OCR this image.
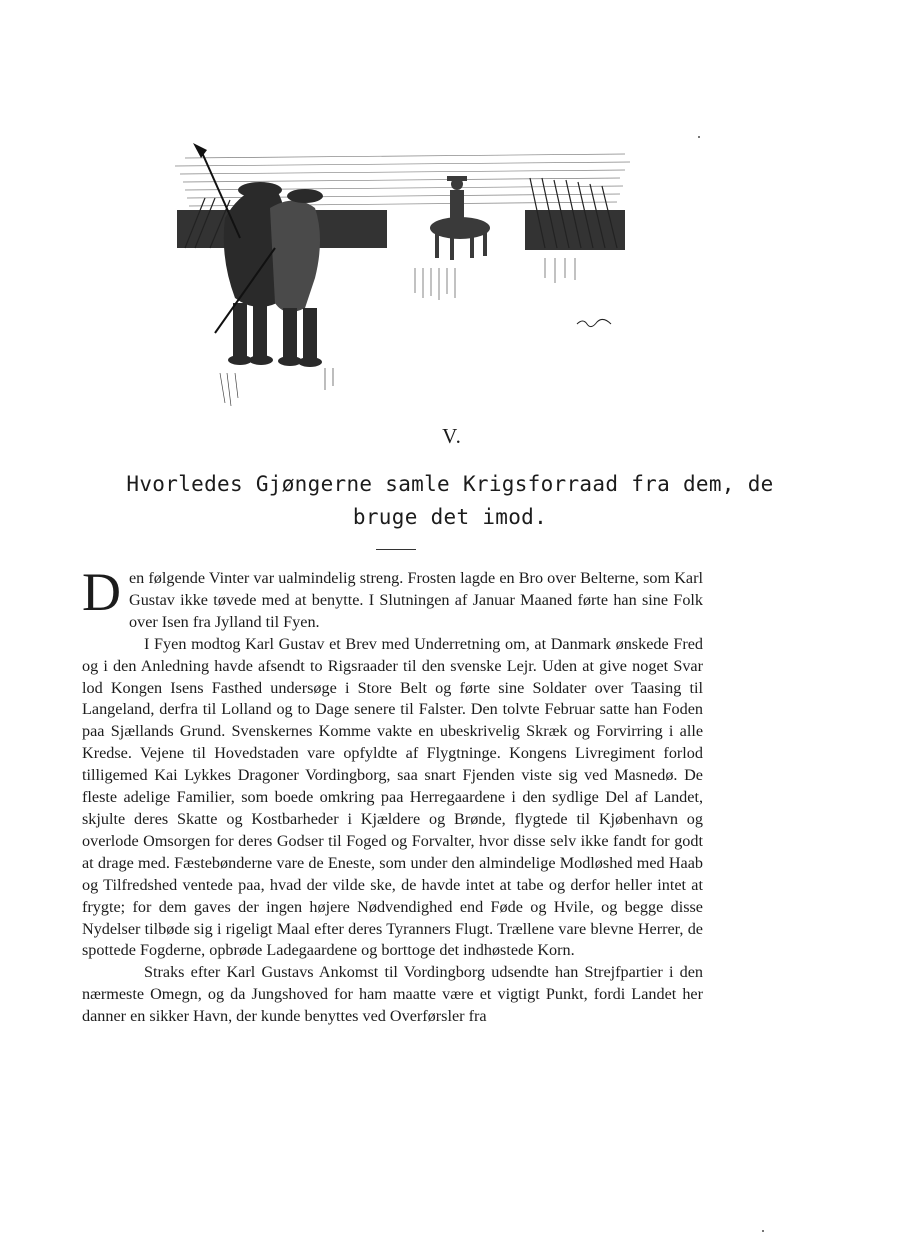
V.
Hvorledes Gjøngerne samle Krigsforraad fra dem, de bruge det imod.

Den følgende Vinter var ualmindelig streng. Frosten lagde en Bro over Belterne, som Karl Gustav ikke tøvede med at benytte. I Slutningen af Januar Maaned førte han sine Folk over Isen fra Jylland til Fyen.

I Fyen modtog Karl Gustav et Brev med Underretning om, at Danmark ønskede Fred og i den Anledning havde afsendt to Rigsraader til den svenske Lejr. Uden at give noget Svar lod Kongen Isens Fasthed undersøge i Store Belt og førte sine Soldater over Taasing til Langeland, derfra til Lolland og to Dage senere til Falster. Den tolvte Februar satte han Foden paa Sjællands Grund. Svenskernes Komme vakte en ubeskrivelig Skræk og Forvirring i alle Kredse. Vejene til Hovedstaden vare opfyldte af Flygtninge. Kongens Livregiment forlod tilligemed Kai Lykkes Dragoner Vordingborg, saa snart Fjenden viste sig ved Masnedø. De fleste adelige Familier, som boede omkring paa Herregaardene i den sydlige Del af Landet, skjulte deres Skatte og Kostbarheder i Kjældere og Brønde, flygtede til Kjøbenhavn og overlode Omsorgen for deres Godser til Foged og Forvalter, hvor disse selv ikke fandt for godt at drage med. Fæstebønderne vare de Eneste, som under den almindelige Modløshed med Haab og Tilfredshed ventede paa, hvad der vilde ske, de havde intet at tabe og derfor heller intet at frygte; for dem gaves der ingen højere Nødvendighed end Føde og Hvile, og begge disse Nydelser tilbøde sig i rigeligt Maal efter deres Tyranners Flugt. Trællene vare blevne Herrer, de spottede Fogderne, opbrøde Ladegaardene og borttoge det indhøstede Korn.

Straks efter Karl Gustavs Ankomst til Vordingborg udsendte han Strejfpartier i den nærmeste Omegn, og da Jungshoved for ham maatte være et vigtigt Punkt, fordi Landet her danner en sikker Havn, der kunde benyttes ved Overførsler fra
